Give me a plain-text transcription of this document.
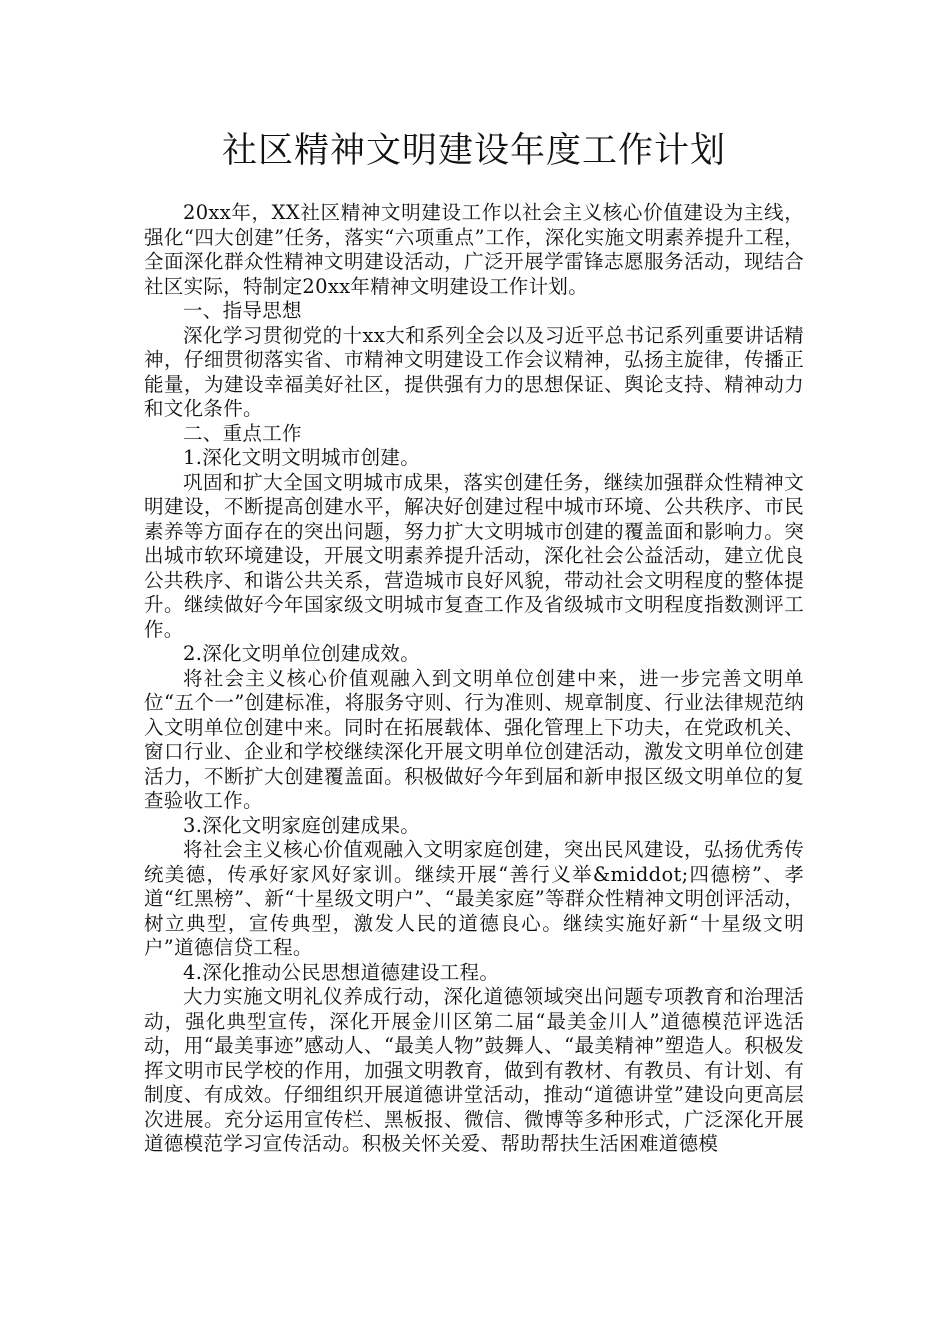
社区精神文明建设年度工作计划

20xx年，XX社区精神文明建设工作以社会主义核心价值建设为主线，强化“四大创建”任务，落实“六项重点”工作，深化实施文明素养提升工程，全面深化群众性精神文明建设活动，广泛开展学雷锋志愿服务活动，现结合社区实际，特制定20xx年精神文明建设工作计划。

一、指导思想

深化学习贯彻党的十xx大和系列全会以及习近平总书记系列重要讲话精神，仔细贯彻落实省、市精神文明建设工作会议精神，弘扬主旋律，传播正能量，为建设幸福美好社区，提供强有力的思想保证、舆论支持、精神动力和文化条件。

二、重点工作

1.深化文明文明城市创建。

巩固和扩大全国文明城市成果，落实创建任务，继续加强群众性精神文明建设，不断提高创建水平，解决好创建过程中城市环境、公共秩序、市民素养等方面存在的突出问题，努力扩大文明城市创建的覆盖面和影响力。突出城市软环境建设，开展文明素养提升活动，深化社会公益活动，建立优良公共秩序、和谐公共关系，营造城市良好风貌，带动社会文明程度的整体提升。继续做好今年国家级文明城市复查工作及省级城市文明程度指数测评工作。

2.深化文明单位创建成效。

将社会主义核心价值观融入到文明单位创建中来，进一步完善文明单位“五个一”创建标准，将服务守则、行为准则、规章制度、行业法律规范纳入文明单位创建中来。同时在拓展载体、强化管理上下功夫，在党政机关、窗口行业、企业和学校继续深化开展文明单位创建活动，激发文明单位创建活力，不断扩大创建覆盖面。积极做好今年到届和新申报区级文明单位的复查验收工作。

3.深化文明家庭创建成果。

将社会主义核心价值观融入文明家庭创建，突出民风建设，弘扬优秀传统美德，传承好家风好家训。继续开展“善行义举&middot;四德榜”、孝道“红黑榜”、新“十星级文明户”、“最美家庭”等群众性精神文明创评活动，树立典型，宣传典型，激发人民的道德良心。继续实施好新“十星级文明户”道德信贷工程。

4.深化推动公民思想道德建设工程。

大力实施文明礼仪养成行动，深化道德领域突出问题专项教育和治理活动，强化典型宣传，深化开展金川区第二届“最美金川人”道德模范评选活动，用“最美事迹”感动人、“最美人物”鼓舞人、“最美精神”塑造人。积极发挥文明市民学校的作用，加强文明教育，做到有教材、有教员、有计划、有制度、有成效。仔细组织开展道德讲堂活动，推动“道德讲堂”建设向更高层次进展。充分运用宣传栏、黑板报、微信、微博等多种形式，广泛深化开展道德模范学习宣传活动。积极关怀关爱、帮助帮扶生活困难道德模
